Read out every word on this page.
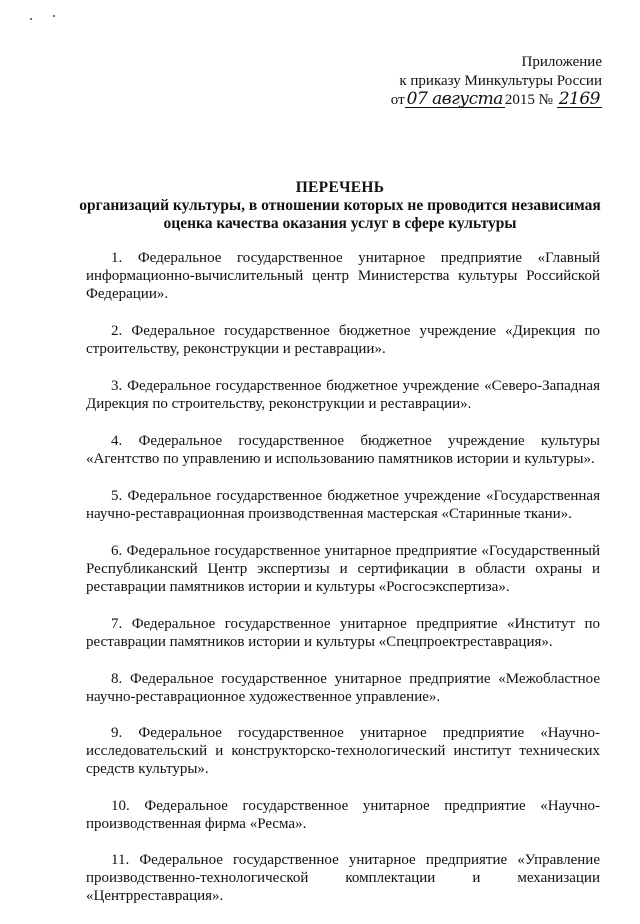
Приложение
к приказу Минкультуры России
от 07 августа 2015 № 2169
ПЕРЕЧЕНЬ
организаций культуры, в отношении которых не проводится независимая
оценка качества оказания услуг в сфере культуры

1. Федеральное государственное унитарное предприятие «Главный информационно-вычислительный центр Министерства культуры Российской Федерации».

2. Федеральное государственное бюджетное учреждение «Дирекция по строительству, реконструкции и реставрации».

3. Федеральное государственное бюджетное учреждение «Северо-Западная Дирекция по строительству, реконструкции и реставрации».

4. Федеральное государственное бюджетное учреждение культуры «Агентство по управлению и использованию памятников истории и культуры».

5. Федеральное государственное бюджетное учреждение «Государственная научно-реставрационная производственная мастерская «Старинные ткани».

6. Федеральное государственное унитарное предприятие «Государственный Республиканский Центр экспертизы и сертификации в области охраны и реставрации памятников истории и культуры «Росгосэкспертиза».

7. Федеральное государственное унитарное предприятие «Институт по реставрации памятников истории и культуры «Спецпроектреставрация».

8. Федеральное государственное унитарное предприятие «Межобластное научно-реставрационное художественное управление».

9. Федеральное государственное унитарное предприятие «Научно-исследовательский и конструкторско-технологический институт технических средств культуры».

10. Федеральное государственное унитарное предприятие «Научно-производственная фирма «Ресма».

11. Федеральное государственное унитарное предприятие «Управление производственно-технологической комплектации и механизации «Центрреставрация».
